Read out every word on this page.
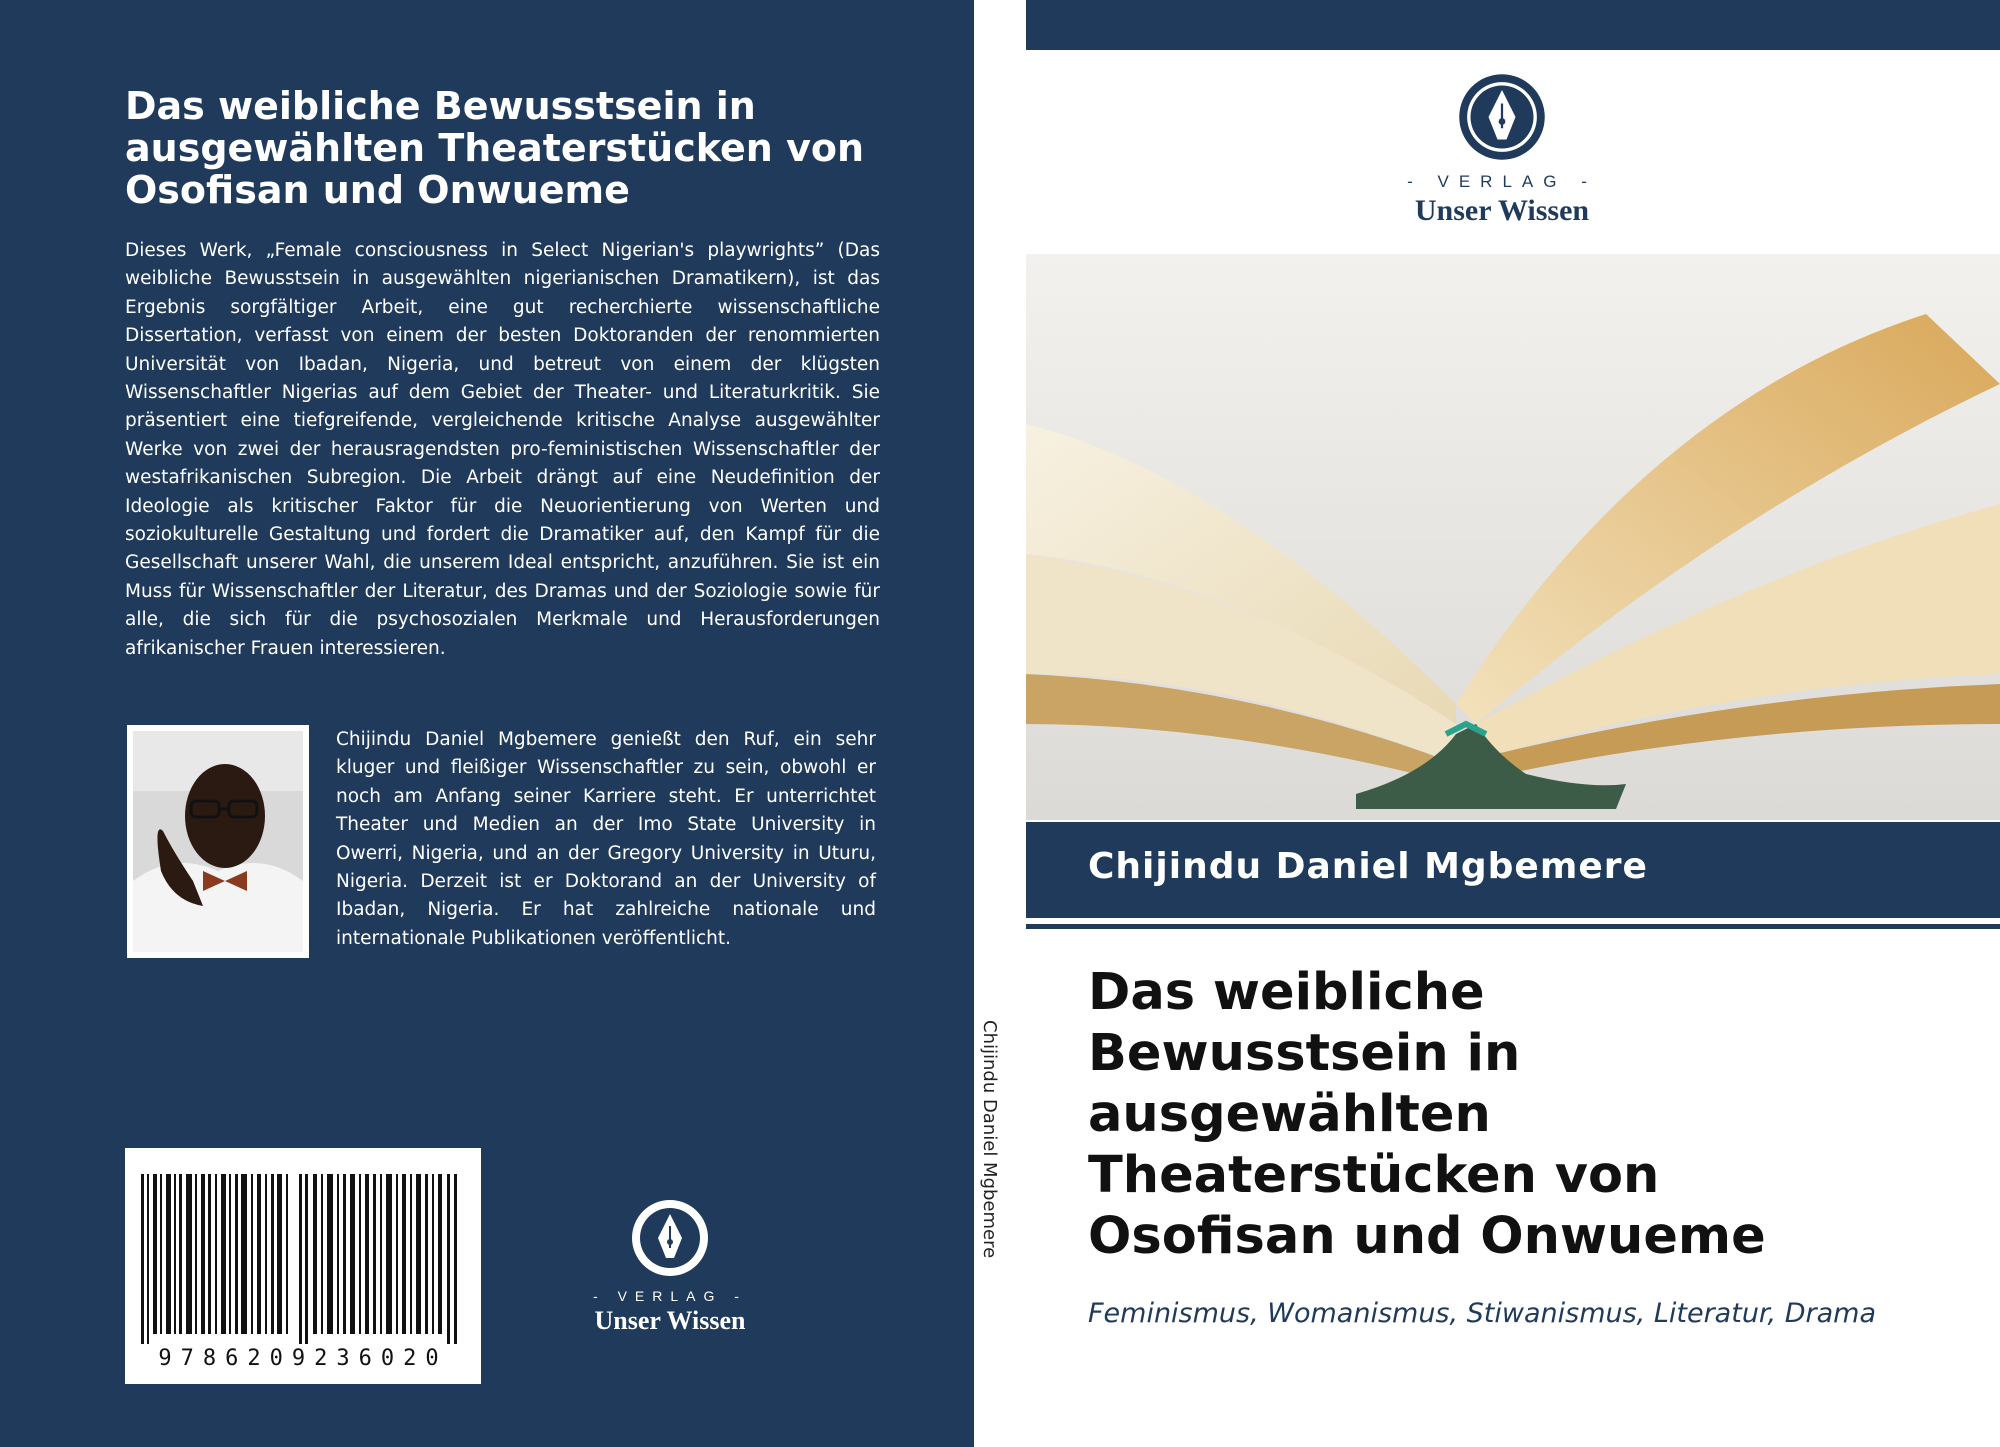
Das weibliche Bewusstsein in ausgewählten Theaterstücken von Osofisan und Onwueme

Dieses Werk, „Female consciousness in Select Nigerian's playwrights” (Das weibliche Bewusstsein in ausgewählten nigerianischen Dramatikern), ist das Ergebnis sorgfältiger Arbeit, eine gut recherchierte wissenschaftliche Dissertation, verfasst von einem der besten Doktoranden der renommierten Universität von Ibadan, Nigeria, und betreut von einem der klügsten Wissenschaftler Nigerias auf dem Gebiet der Theater- und Literaturkritik. Sie präsentiert eine tiefgreifende, vergleichende kritische Analyse ausgewählter Werke von zwei der herausragendsten pro-feministischen Wissenschaftler der westafrikanischen Subregion. Die Arbeit drängt auf eine Neudefinition der Ideologie als kritischer Faktor für die Neuorientierung von Werten und soziokulturelle Gestaltung und fordert die Dramatiker auf, den Kampf für die Gesellschaft unserer Wahl, die unserem Ideal entspricht, anzuführen. Sie ist ein Muss für Wissenschaftler der Literatur, des Dramas und der Soziologie sowie für alle, die sich für die psychosozialen Merkmale und Herausforderungen afrikanischer Frauen interessieren.

Chijindu Daniel Mgbemere genießt den Ruf, ein sehr kluger und fleißiger Wissenschaftler zu sein, obwohl er noch am Anfang seiner Karriere steht. Er unterrichtet Theater und Medien an der Imo State University in Owerri, Nigeria, und an der Gregory University in Uturu, Nigeria. Derzeit ist er Doktorand an der University of Ibadan, Nigeria. Er hat zahlreiche nationale und internationale Publikationen veröffentlicht.

9786209236020
- VERLAG -
Unser Wissen
Chijindu Daniel Mgbemere
- VERLAG -
Unser Wissen
Chijindu Daniel Mgbemere
Das weibliche
Bewusstsein in
ausgewählten
Theaterstücken von
Osofisan und Onwueme

Feminismus, Womanismus, Stiwanismus, Literatur, Drama
